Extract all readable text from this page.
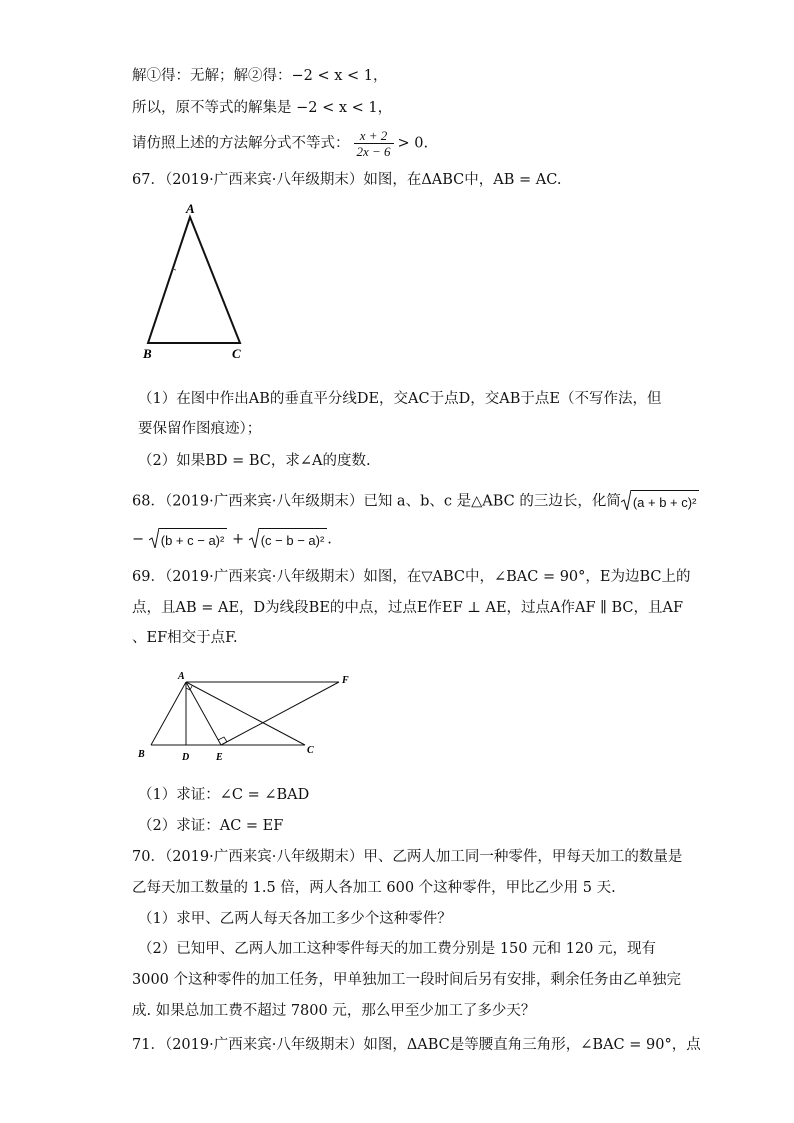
解①得：无解；解②得：−2 < x < 1，
所以，原不等式的解集是 −2 < x < 1，
请仿照上述的方法解分式不等式： $\frac{x + 2}{2x - 6} > 0$.
67．（2019·广西来宾·八年级期末）如图，在ΔABC中，AB = AC.
A
B	C
（1）在图中作出AB的垂直平分线DE，交AC于点D，交AB于点E（不写作法，但
要保留作图痕迹）；
（2）如果BD = BC，求∠A的度数.
68．（2019·广西来宾·八年级期末）已知 a、b、c 是△ABC 的三边长，化简 (a + b + c)²
− (b + c − a)² + (c − b − a)² .
69．（2019·广西来宾·八年级期末）如图，在▽ABC中，∠BAC = 90°，E为边BC上的
点，且AB = AE，D为线段BE的中点，过点E作EF ⊥ AE，过点A作AF ∥ BC，且AF
、EF相交于点F.
A	F
B	D	E
C
（1）求证：∠C = ∠BAD
（2）求证：AC = EF
70．（2019·广西来宾·八年级期末）甲、乙两人加工同一种零件，甲每天加工的数量是
乙每天加工数量的 1.5 倍，两人各加工 600 个这种零件，甲比乙少用 5 天.
（1）求甲、乙两人每天各加工多少个这种零件？
（2）已知甲、乙两人加工这种零件每天的加工费分别是 150 元和 120 元，现有
3000 个这种零件的加工任务，甲单独加工一段时间后另有安排，剩余任务由乙单独完
成. 如果总加工费不超过 7800 元，那么甲至少加工了多少天？
71．（2019·广西来宾·八年级期末）如图，ΔABC是等腰直角三角形，∠BAC = 90°，点
